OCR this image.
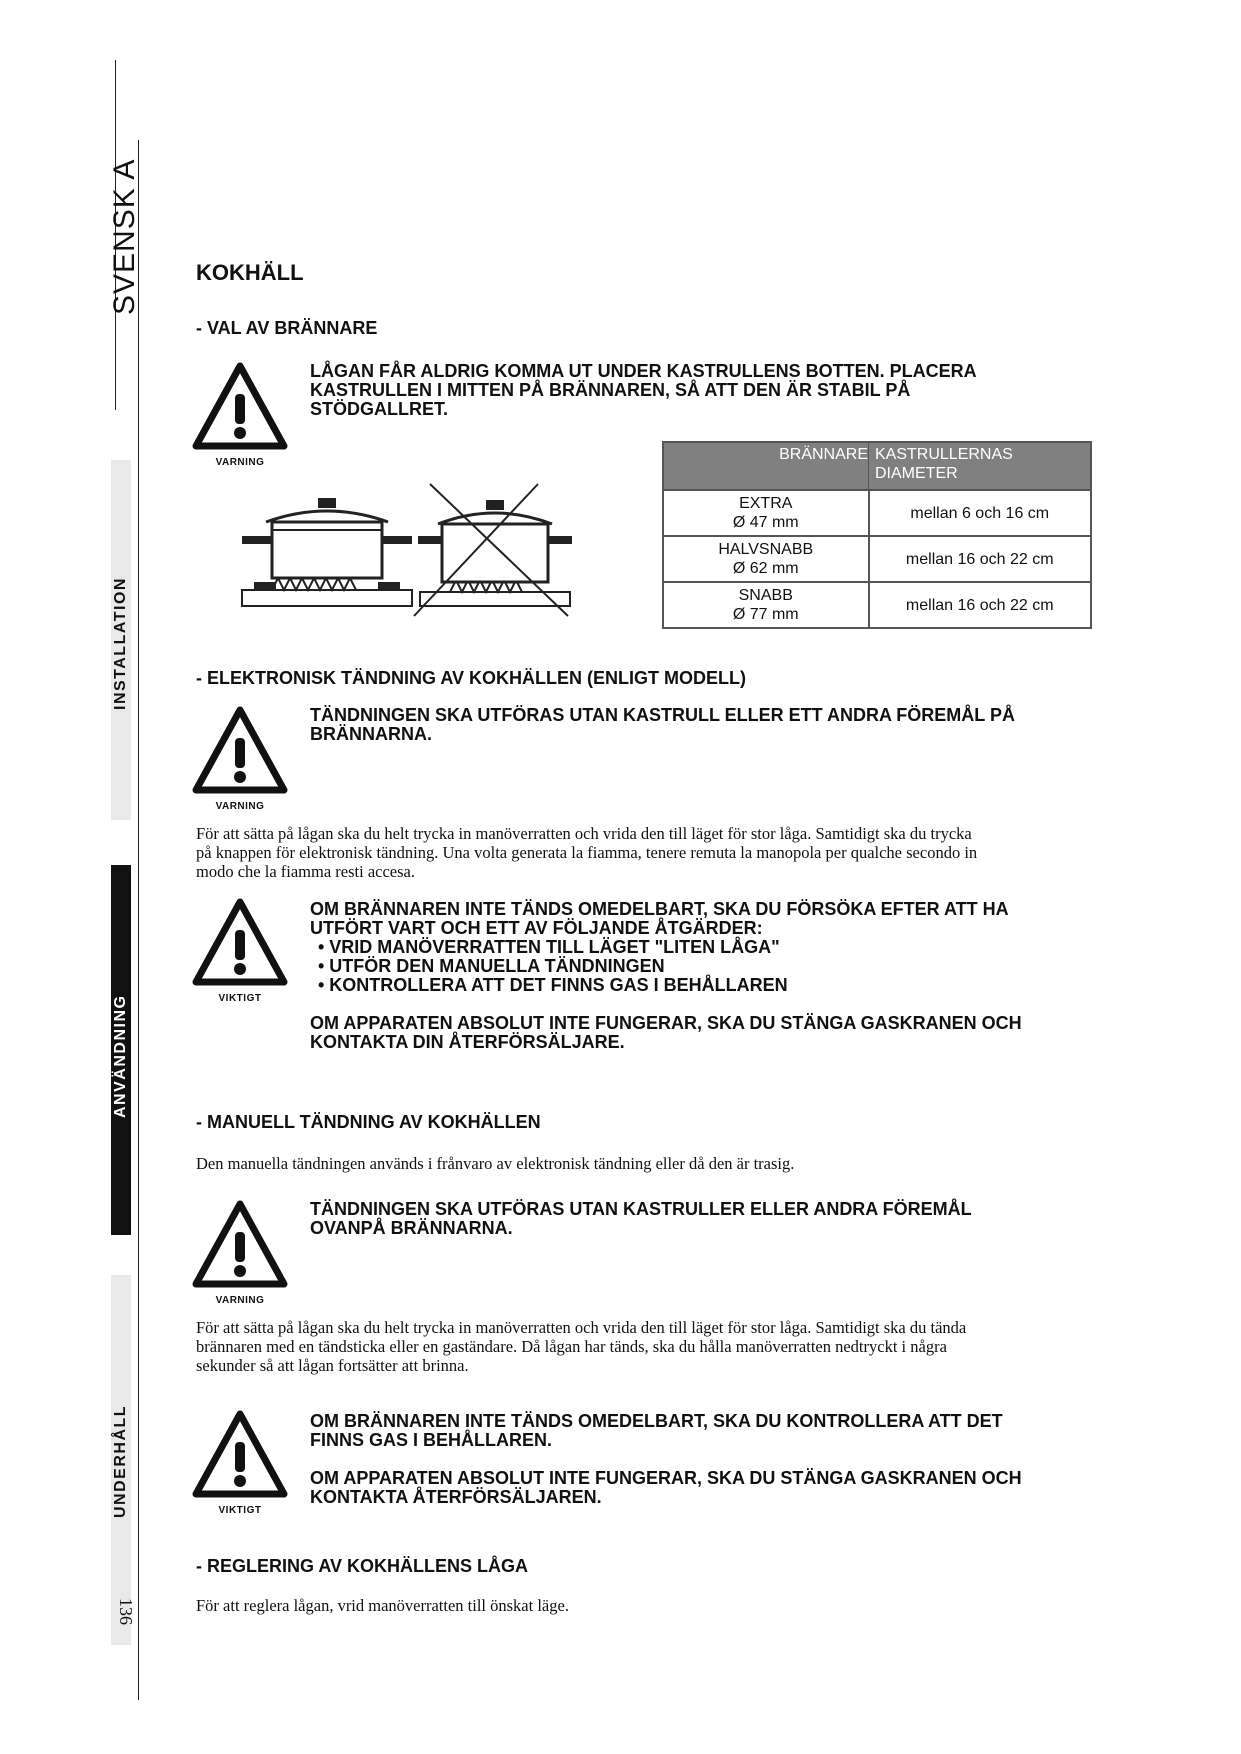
SVENSK A
INSTALLATION
ANVÄNDNING
UNDERHÅLL
136
KOKHÄLL
- VAL AV BRÄNNARE
VARNING
LÅGAN FÅR ALDRIG KOMMA UT UNDER KASTRULLENS BOTTEN. PLACERA
KASTRULLEN I MITTEN PÅ BRÄNNAREN, SÅ ATT DEN ÄR STABIL PÅ
STÖDGALLRET.
BRÄNNARE	KASTRULLERNAS DIAMETER

EXTRA
Ø 47 mm	mellan 6 och 16 cm

HALVSNABB
Ø 62 mm	mellan 16 och 22 cm

SNABB
Ø 77 mm	mellan 16 och 22 cm
- ELEKTRONISK TÄNDNING AV KOKHÄLLEN (ENLIGT MODELL)
VARNING
TÄNDNINGEN SKA UTFÖRAS UTAN KASTRULL ELLER ETT ANDRA FÖREMÅL PÅ
BRÄNNARNA.
För att sätta på lågan ska du helt trycka in manöverratten och vrida den till läget för stor låga. Samtidigt ska du trycka
på knappen för elektronisk tändning. Una volta generata la fiamma, tenere remuta la manopola per qualche secondo in
modo che la fiamma resti accesa.
VIKTIGT
OM BRÄNNAREN INTE TÄNDS OMEDELBART, SKA DU FÖRSÖKA EFTER ATT HA
UTFÖRT VART OCH ETT AV FÖLJANDE ÅTGÄRDER:
• VRID MANÖVERRATTEN TILL LÄGET "LITEN LÅGA"
• UTFÖR DEN MANUELLA TÄNDNINGEN
• KONTROLLERA ATT DET FINNS GAS I BEHÅLLAREN
OM APPARATEN ABSOLUT INTE FUNGERAR, SKA DU STÄNGA GASKRANEN OCH
KONTAKTA DIN ÅTERFÖRSÄLJARE.
- MANUELL TÄNDNING AV KOKHÄLLEN
Den manuella tändningen används i frånvaro av elektronisk tändning eller då den är trasig.
VARNING
TÄNDNINGEN SKA UTFÖRAS UTAN KASTRULLER ELLER ANDRA FÖREMÅL
OVANPÅ BRÄNNARNA.
För att sätta på lågan ska du helt trycka in manöverratten och vrida den till läget för stor låga. Samtidigt ska du tända
brännaren med en tändsticka eller en gaständare. Då lågan har tänds, ska du hålla manöverratten nedtryckt i några
sekunder så att lågan fortsätter att brinna.
VIKTIGT
OM BRÄNNAREN INTE TÄNDS OMEDELBART, SKA DU KONTROLLERA ATT DET
FINNS GAS I BEHÅLLAREN.
OM APPARATEN ABSOLUT INTE FUNGERAR, SKA DU STÄNGA GASKRANEN OCH
KONTAKTA ÅTERFÖRSÄLJAREN.
- REGLERING AV KOKHÄLLENS LÅGA
För att reglera lågan, vrid manöverratten till önskat läge.
